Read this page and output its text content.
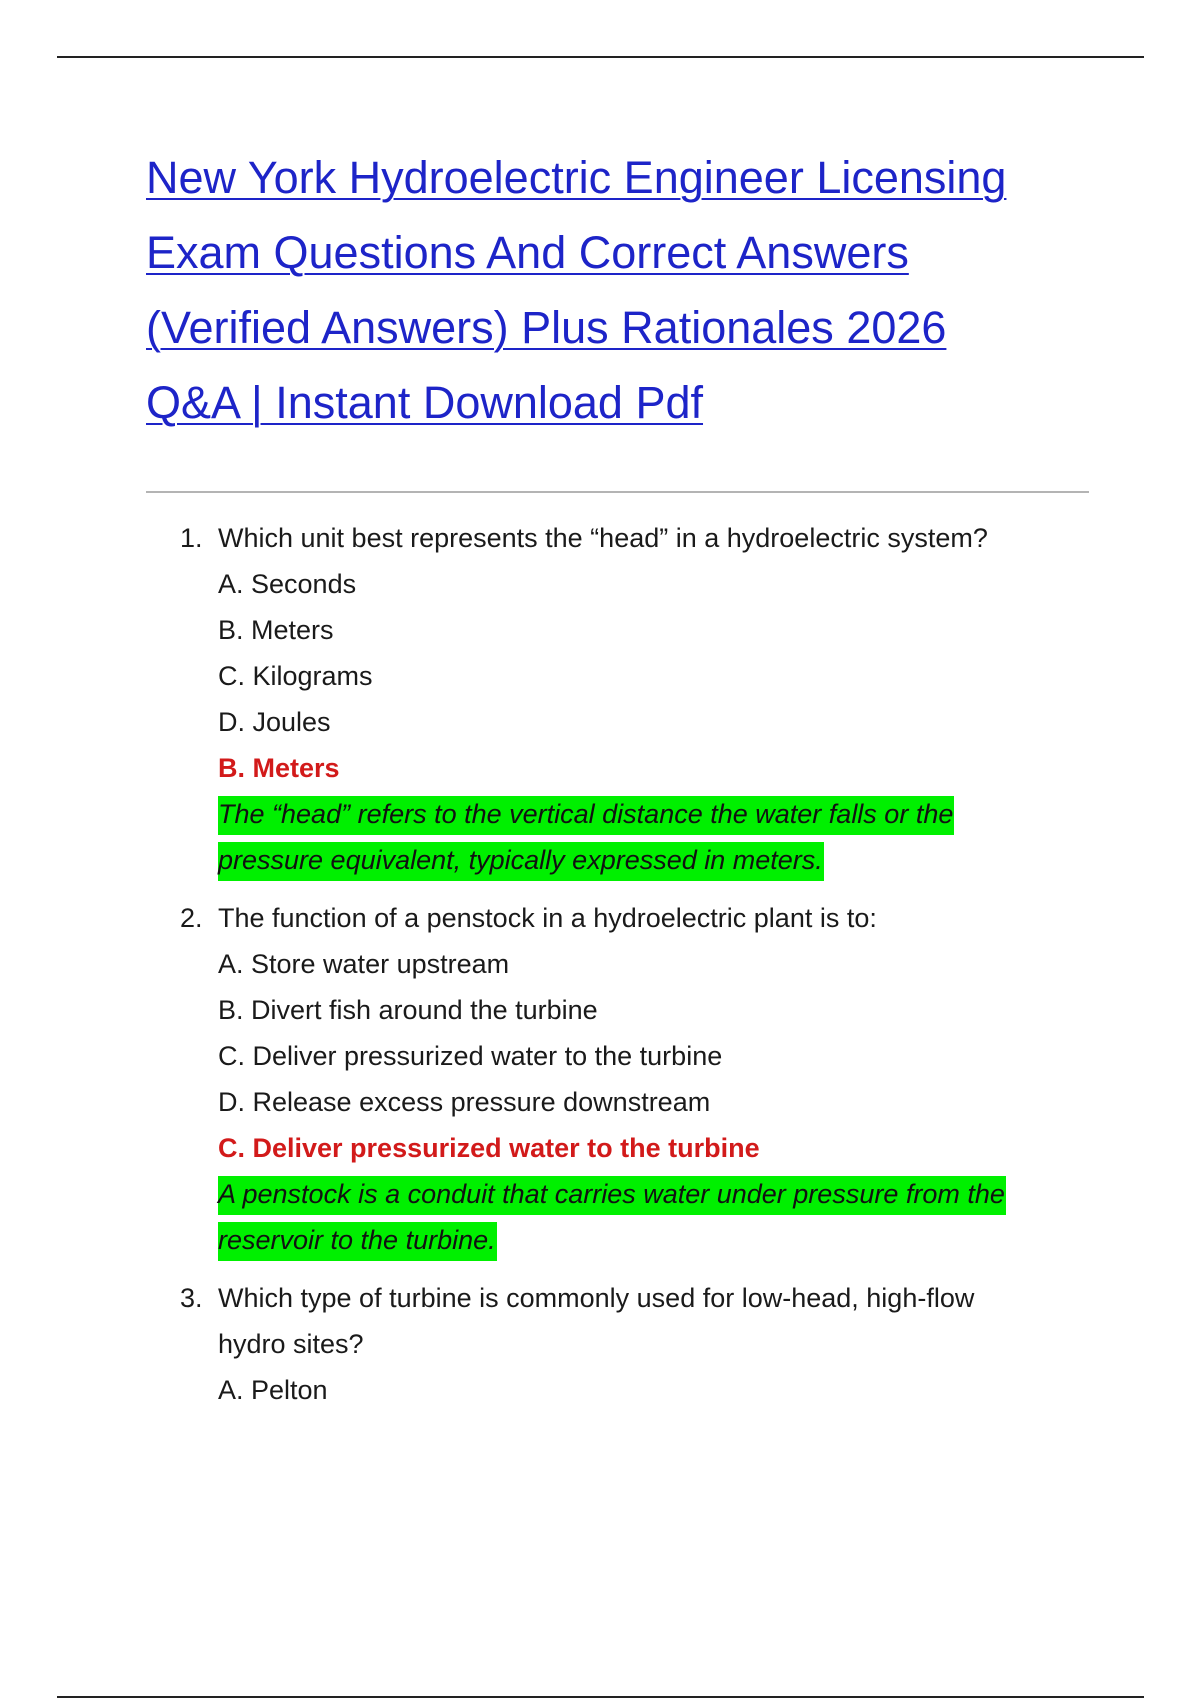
New York Hydroelectric Engineer Licensing
Exam Questions And Correct Answers
(Verified Answers) Plus Rationales 2026
Q&A | Instant Download Pdf
1. Which unit best represents the “head” in a hydroelectric system?
A. Seconds
B. Meters
C. Kilograms
D. Joules
B. Meters
The “head” refers to the vertical distance the water falls or the
pressure equivalent, typically expressed in meters.
2. The function of a penstock in a hydroelectric plant is to:
A. Store water upstream
B. Divert fish around the turbine
C. Deliver pressurized water to the turbine
D. Release excess pressure downstream
C. Deliver pressurized water to the turbine
A penstock is a conduit that carries water under pressure from the
reservoir to the turbine.
3. Which type of turbine is commonly used for low-head, high-flow
hydro sites?
A. Pelton
